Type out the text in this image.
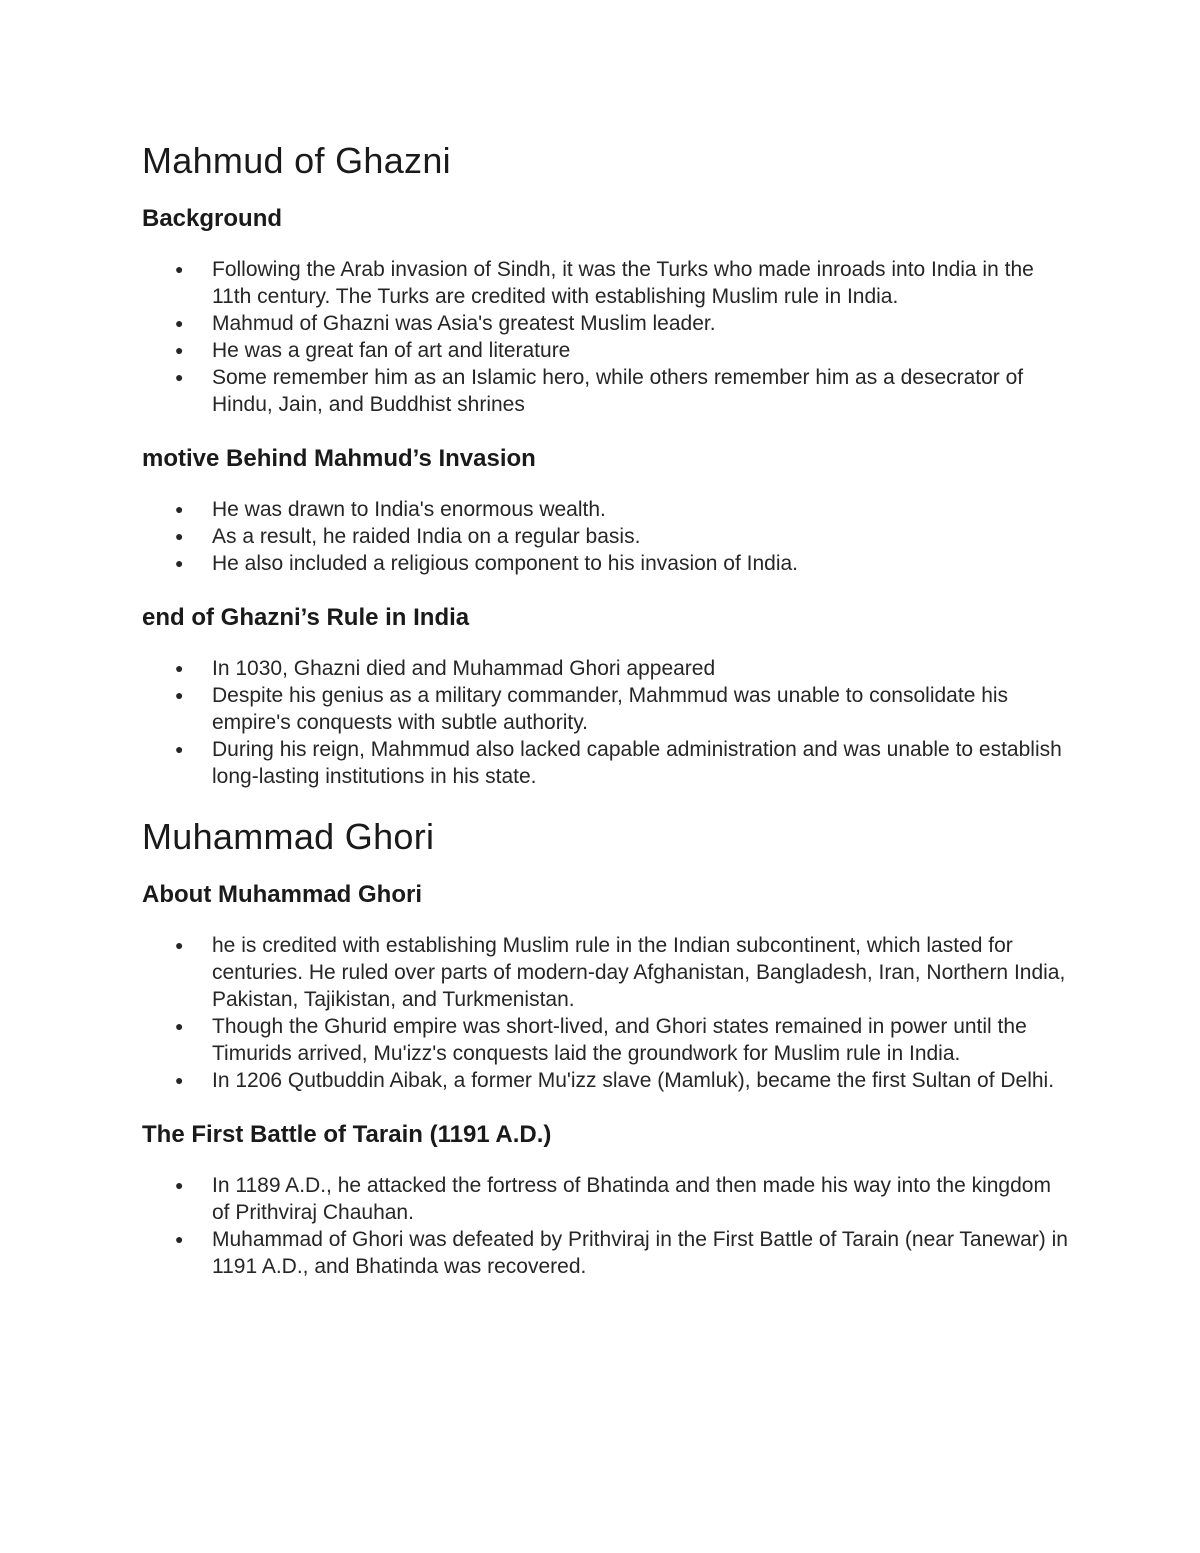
Mahmud of Ghazni
Background
● Following the Arab invasion of Sindh, it was the Turks who made inroads into India in the 11th century. The Turks are credited with establishing Muslim rule in India.
● Mahmud of Ghazni was Asia's greatest Muslim leader.
● He was a great fan of art and literature
● Some remember him as an Islamic hero, while others remember him as a desecrator of Hindu, Jain, and Buddhist shrines
motive Behind Mahmud’s Invasion
● He was drawn to India's enormous wealth.
● As a result, he raided India on a regular basis.
● He also included a religious component to his invasion of India.
end of Ghazni’s Rule in India
● In 1030, Ghazni died and Muhammad Ghori appeared
● Despite his genius as a military commander, Mahmmud was unable to consolidate his empire's conquests with subtle authority.
● During his reign, Mahmmud also lacked capable administration and was unable to establish long-lasting institutions in his state.
Muhammad Ghori
About Muhammad Ghori
● he is credited with establishing Muslim rule in the Indian subcontinent, which lasted for centuries. He ruled over parts of modern-day Afghanistan, Bangladesh, Iran, Northern India, Pakistan, Tajikistan, and Turkmenistan.
● Though the Ghurid empire was short-lived, and Ghori states remained in power until the Timurids arrived, Mu'izz's conquests laid the groundwork for Muslim rule in India.
● In 1206 Qutbuddin Aibak, a former Mu'izz slave (Mamluk), became the first Sultan of Delhi.
The First Battle of Tarain (1191 A.D.)
● In 1189 A.D., he attacked the fortress of Bhatinda and then made his way into the kingdom of Prithviraj Chauhan.
● Muhammad of Ghori was defeated by Prithviraj in the First Battle of Tarain (near Tanewar) in 1191 A.D., and Bhatinda was recovered.
